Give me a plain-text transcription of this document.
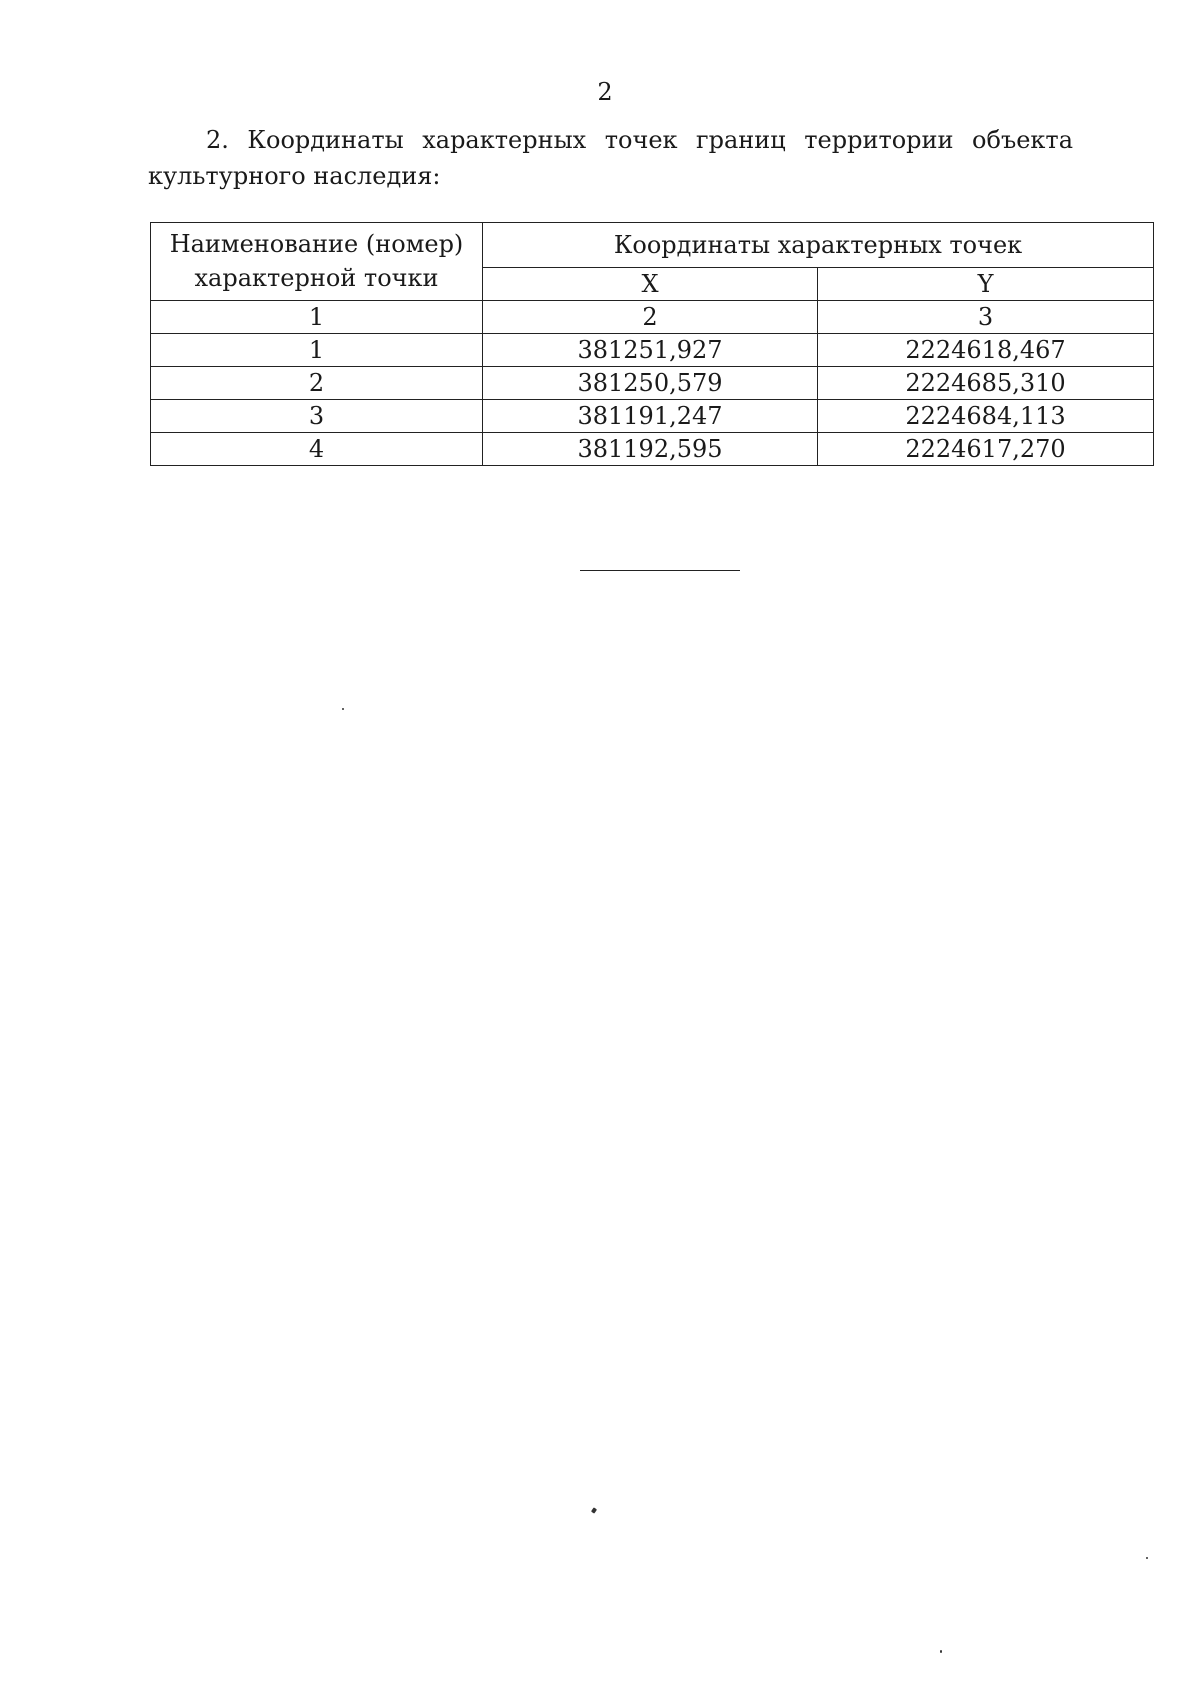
2
2. Координаты характерных точек границ территории объекта культурного наследия:
Наименование (номер) характерной точки	Координаты характерных точек	
	X	Y
1	2	3
1	381251,927	2224618,467
2	381250,579	2224685,310
3	381191,247	2224684,113
4	381192,595	2224617,270
